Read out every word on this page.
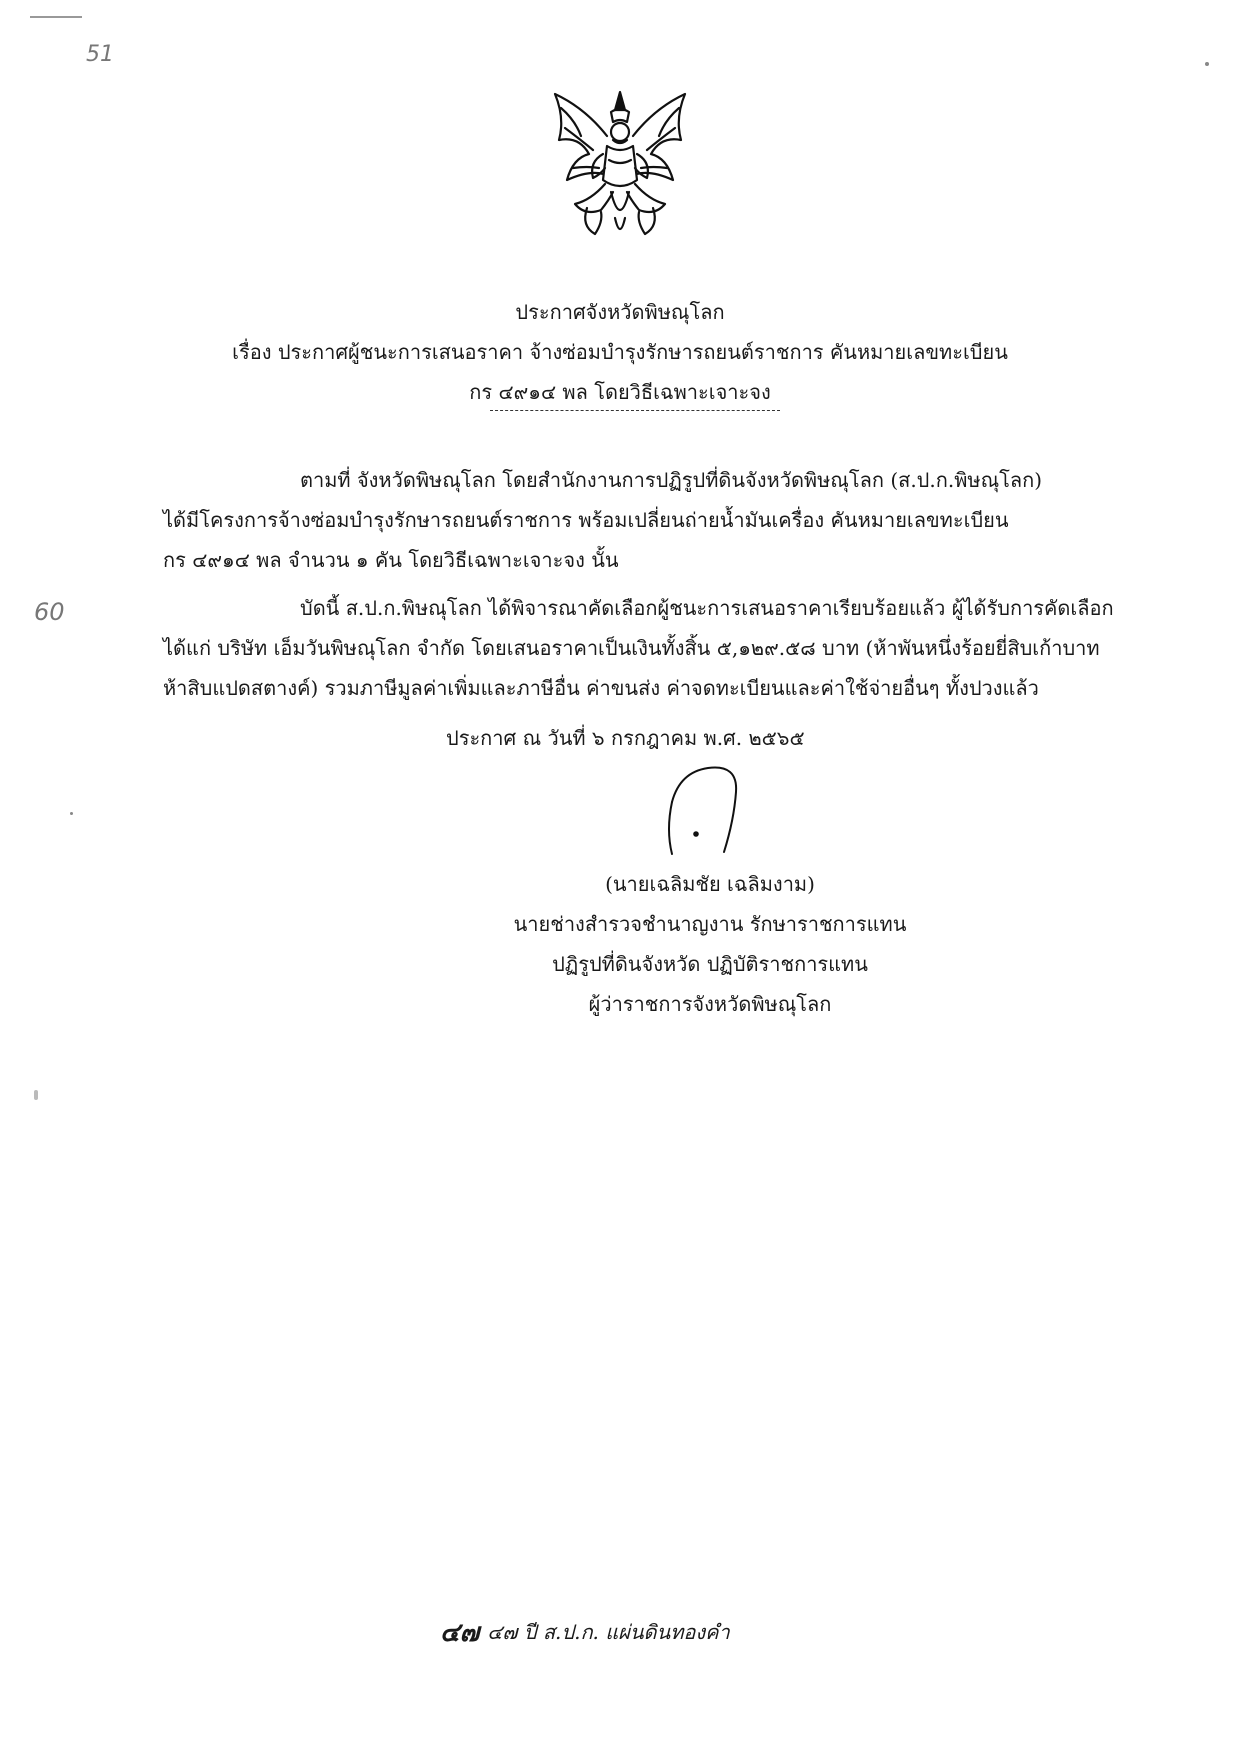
51
60
ประกาศจังหวัดพิษณุโลก
เรื่อง ประกาศผู้ชนะการเสนอราคา จ้างซ่อมบำรุงรักษารถยนต์ราชการ คันหมายเลขทะเบียน
กร ๔๙๑๔ พล โดยวิธีเฉพาะเจาะจง
ตามที่ จังหวัดพิษณุโลก โดยสำนักงานการปฏิรูปที่ดินจังหวัดพิษณุโลก (ส.ป.ก.พิษณุโลก)
ได้มีโครงการจ้างซ่อมบำรุงรักษารถยนต์ราชการ พร้อมเปลี่ยนถ่ายน้ำมันเครื่อง คันหมายเลขทะเบียน
กร ๔๙๑๔ พล จำนวน ๑ คัน โดยวิธีเฉพาะเจาะจง นั้น
บัดนี้ ส.ป.ก.พิษณุโลก ได้พิจารณาคัดเลือกผู้ชนะการเสนอราคาเรียบร้อยแล้ว ผู้ได้รับการคัดเลือก
ได้แก่ บริษัท เอ็มวันพิษณุโลก จำกัด โดยเสนอราคาเป็นเงินทั้งสิ้น ๕,๑๒๙.๕๘ บาท (ห้าพันหนึ่งร้อยยี่สิบเก้าบาท
ห้าสิบแปดสตางค์) รวมภาษีมูลค่าเพิ่มและภาษีอื่น ค่าขนส่ง ค่าจดทะเบียนและค่าใช้จ่ายอื่นๆ ทั้งปวงแล้ว
ประกาศ ณ วันที่ ๖ กรกฎาคม พ.ศ. ๒๕๖๕
(นายเฉลิมชัย เฉลิมงาม)
นายช่างสำรวจชำนาญงาน รักษาราชการแทน
ปฏิรูปที่ดินจังหวัด ปฏิบัติราชการแทน
ผู้ว่าราชการจังหวัดพิษณุโลก
๔๗ ๔๗ ปี ส.ป.ก. แผ่นดินทองคำ
